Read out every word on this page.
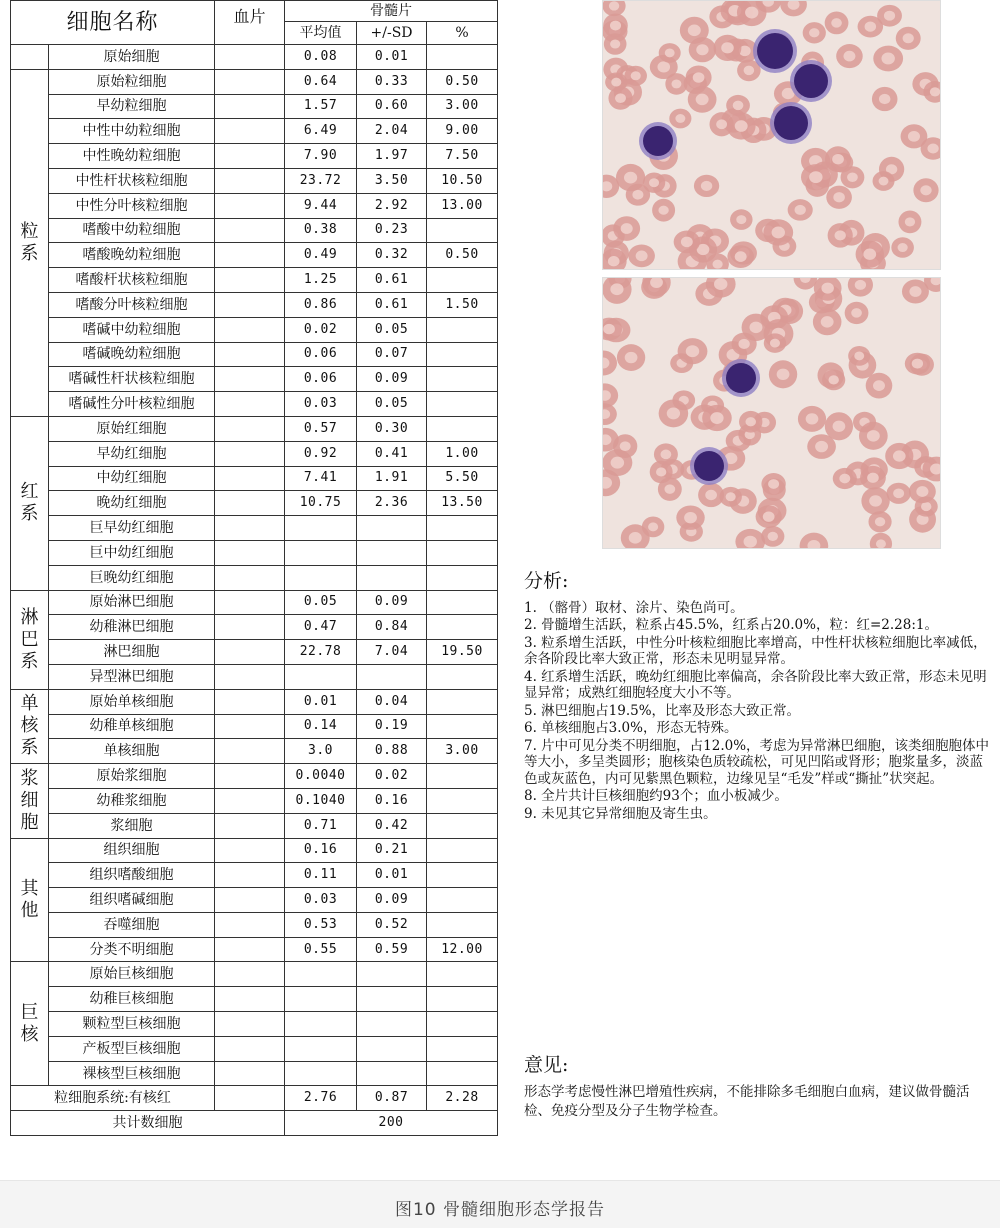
细胞名称		血片	骨髓片		
			平均值	+/-SD	%

	原始细胞		0.08	0.01	

粒系	原始粒细胞		0.64	0.33	0.50
	早幼粒细胞		1.57	0.60	3.00
	中性中幼粒细胞		6.49	2.04	9.00
	中性晚幼粒细胞		7.90	1.97	7.50
	中性杆状核粒细胞		23.72	3.50	10.50
	中性分叶核粒细胞		9.44	2.92	13.00
	嗜酸中幼粒细胞		0.38	0.23	
	嗜酸晚幼粒细胞		0.49	0.32	0.50
	嗜酸杆状核粒细胞		1.25	0.61	
	嗜酸分叶核粒细胞		0.86	0.61	1.50
	嗜碱中幼粒细胞		0.02	0.05	
	嗜碱晚幼粒细胞		0.06	0.07	
	嗜碱性杆状核粒细胞		0.06	0.09	
	嗜碱性分叶核粒细胞		0.03	0.05	

红系	原始红细胞		0.57	0.30	
	早幼红细胞		0.92	0.41	1.00
	中幼红细胞		7.41	1.91	5.50
	晚幼红细胞		10.75	2.36	13.50
	巨早幼红细胞				
	巨中幼红细胞				
	巨晚幼红细胞				

淋巴系	原始淋巴细胞		0.05	0.09	
	幼稚淋巴细胞		0.47	0.84	
	淋巴细胞		22.78	7.04	19.50
	异型淋巴细胞				

单核系	原始单核细胞		0.01	0.04	
	幼稚单核细胞		0.14	0.19	
	单核细胞		3.0	0.88	3.00

浆细胞	原始浆细胞		0.0040	0.02	
	幼稚浆细胞		0.1040	0.16	
	浆细胞		0.71	0.42	

其他	组织细胞		0.16	0.21	
	组织嗜酸细胞		0.11	0.01	
	组织嗜碱细胞		0.03	0.09	
	吞噬细胞		0.53	0.52	
	分类不明细胞		0.55	0.59	12.00

巨核	原始巨核细胞				
	幼稚巨核细胞				
	颗粒型巨核细胞				
	产板型巨核细胞				
	裸核型巨核细胞				
粒细胞系统:有核红			2.76	0.87	2.28
共计数细胞			200		
分析:
1. （髂骨）取材、涂片、染色尚可。
2. 骨髓增生活跃，粒系占45.5%，红系占20.0%，粒：红=2.28:1。
3. 粒系增生活跃，中性分叶核粒细胞比率增高，中性杆状核粒细胞比率减低，余各阶段比率大致正常，形态未见明显异常。
4. 红系增生活跃，晚幼红细胞比率偏高，余各阶段比率大致正常，形态未见明显异常；成熟红细胞轻度大小不等。
5. 淋巴细胞占19.5%，比率及形态大致正常。
6. 单核细胞占3.0%，形态无特殊。
7. 片中可见分类不明细胞，占12.0%，考虑为异常淋巴细胞，该类细胞胞体中等大小，多呈类圆形；胞核染色质较疏松，可见凹陷或肾形；胞浆量多，淡蓝色或灰蓝色，内可见紫黑色颗粒，边缘见呈“毛发”样或“撕扯”状突起。
8. 全片共计巨核细胞约93个；血小板减少。
9. 未见其它异常细胞及寄生虫。
意见:
形态学考虑慢性淋巴增殖性疾病，不能排除多毛细胞白血病，建议做骨髓活检、免疫分型及分子生物学检查。
图10 骨髓细胞形态学报告
